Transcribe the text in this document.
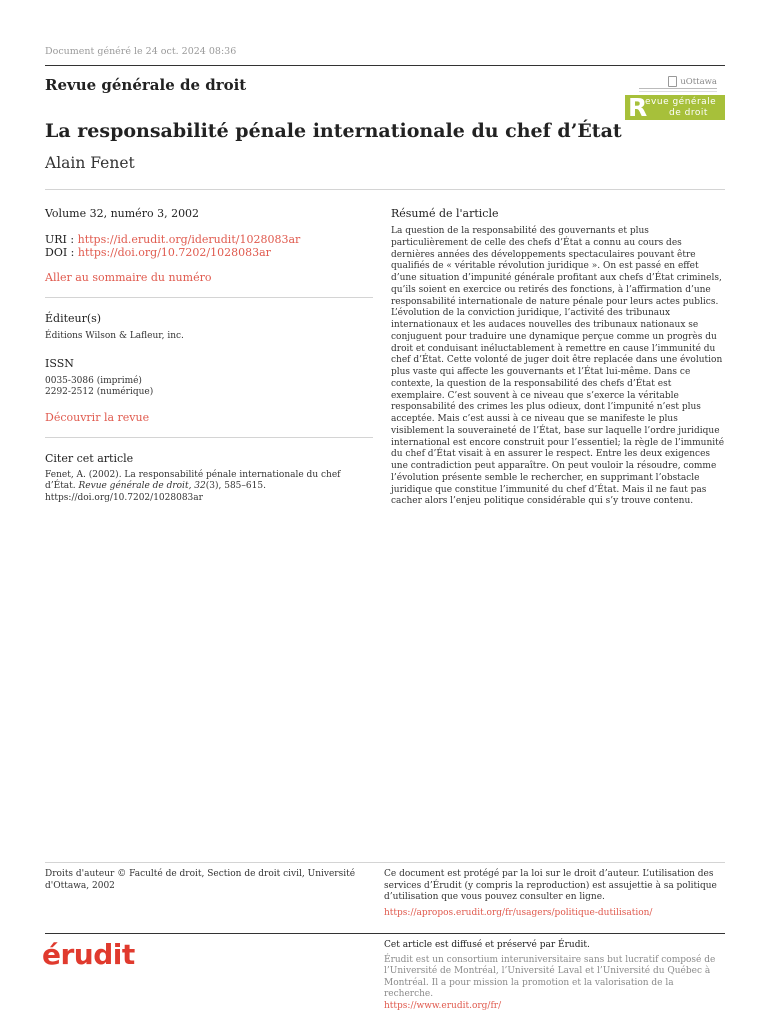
Document généré le 24 oct. 2024 08:36
Revue générale de droit	uOttawa
R
evue générale
de droit
La responsabilité pénale internationale du chef d’État
Alain Fenet
Volume 32, numéro 3, 2002
URI : https://id.erudit.org/iderudit/1028083ar
DOI : https://doi.org/10.7202/1028083ar
Aller au sommaire du numéro
Éditeur(s)
Éditions Wilson & Lafleur, inc.
ISSN
0035-3086 (imprimé)
2292-2512 (numérique)
Découvrir la revue
Citer cet article
Fenet, A. (2002). La responsabilité pénale internationale du chef d’État. Revue générale de droit, 32(3), 585–615. https://doi.org/10.7202/1028083ar
Résumé de l'article
La question de la responsabilité des gouvernants et plus particulièrement de celle des chefs d’État a connu au cours des dernières années des développements spectaculaires pouvant être qualifiés de « véritable révolution juridique ». On est passé en effet d’une situation d’impunité générale profitant aux chefs d’État criminels, qu’ils soient en exercice ou retirés des fonctions, à l’affirmation d’une responsabilité internationale de nature pénale pour leurs actes publics. L’évolution de la conviction juridique, l’activité des tribunaux internationaux et les audaces nouvelles des tribunaux nationaux se conjuguent pour traduire une dynamique perçue comme un progrès du droit et conduisant inéluctablement à remettre en cause l’immunité du chef d’État. Cette volonté de juger doit être replacée dans une évolution plus vaste qui affecte les gouvernants et l’État lui-même. Dans ce contexte, la question de la responsabilité des chefs d’État est exemplaire. C’est souvent à ce niveau que s’exerce la véritable responsabilité des crimes les plus odieux, dont l’impunité n’est plus acceptée. Mais c’est aussi à ce niveau que se manifeste le plus visiblement la souveraineté de l’État, base sur laquelle l’ordre juridique international est encore construit pour l’essentiel; la règle de l’immunité du chef d’État visait à en assurer le respect. Entre les deux exigences une contradiction peut apparaître. On peut vouloir la résoudre, comme l’évolution présente semble le rechercher, en supprimant l’obstacle juridique que constitue l’immunité du chef d’État. Mais il ne faut pas cacher alors l’enjeu politique considérable qui s’y trouve contenu.
Droits d'auteur © Faculté de droit, Section de droit civil, Université d'Ottawa, 2002
Ce document est protégé par la loi sur le droit d’auteur. L’utilisation des services d’Érudit (y compris la reproduction) est assujettie à sa politique d’utilisation que vous pouvez consulter en ligne.
https://apropos.erudit.org/fr/usagers/politique-dutilisation/
érudit	Cet article est diffusé et préservé par Érudit.
Érudit est un consortium interuniversitaire sans but lucratif composé de l’Université de Montréal, l’Université Laval et l’Université du Québec à Montréal. Il a pour mission la promotion et la valorisation de la recherche.
https://www.erudit.org/fr/
